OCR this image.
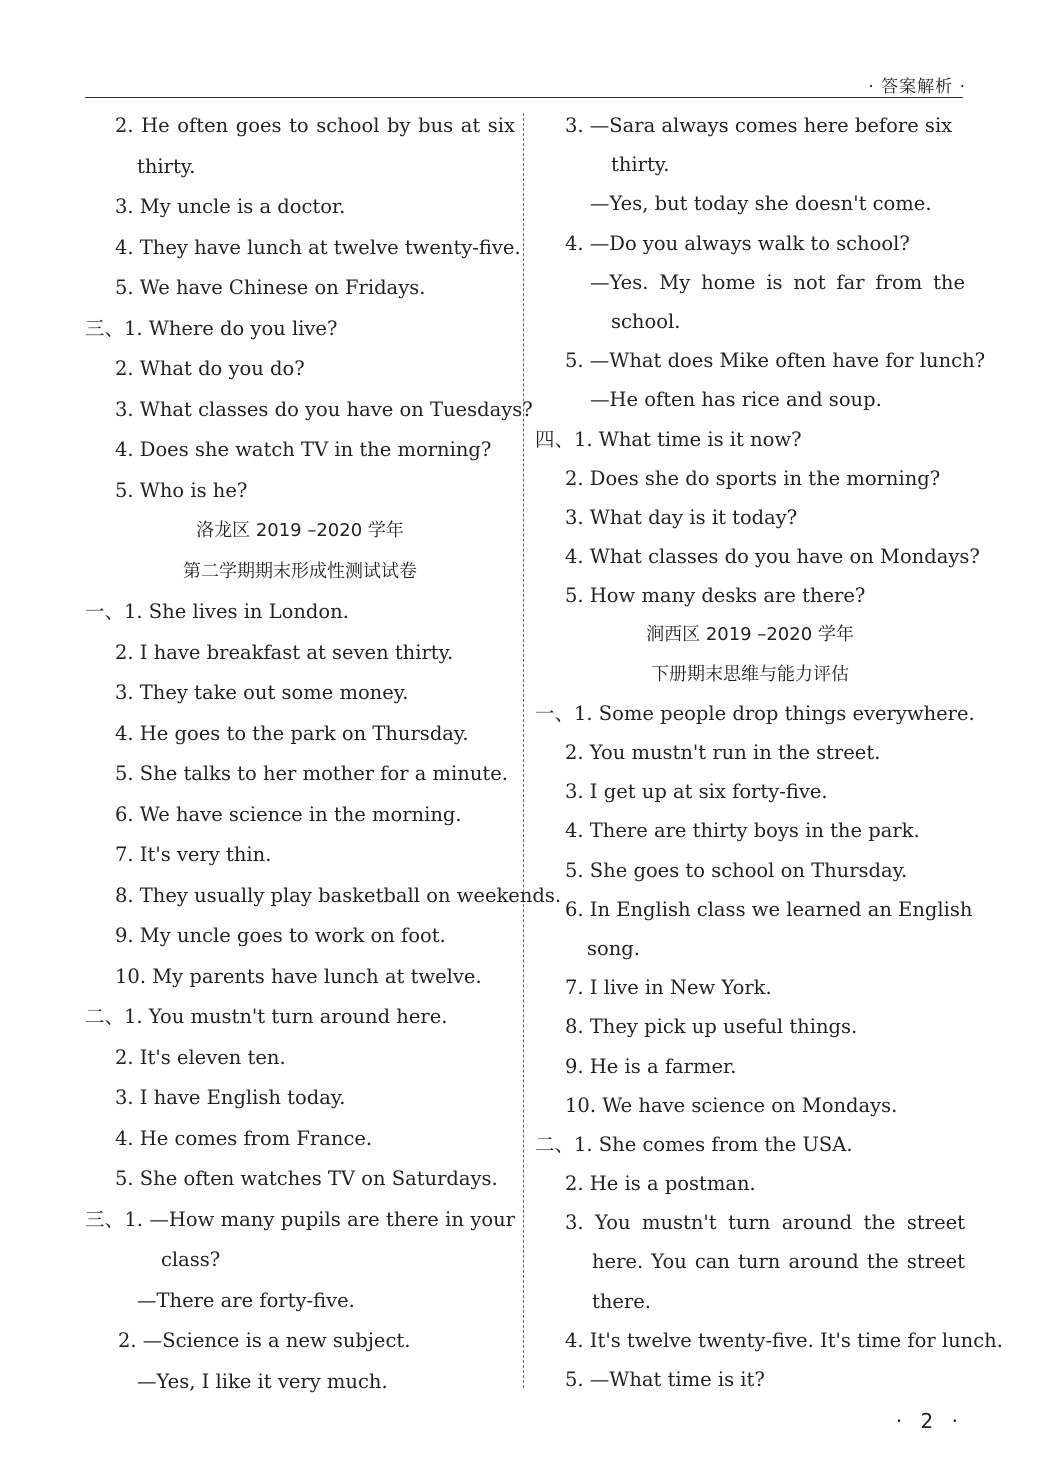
· 答案解析 ·
2. He often goes to school by bus at six
thirty.
3. My uncle is a doctor.
4. They have lunch at twelve twenty-five.
5. We have Chinese on Fridays.
三、1. Where do you live?
2. What do you do?
3. What classes do you have on Tuesdays?
4. Does she watch TV in the morning?
5. Who is he?
洛龙区 2019 –2020 学年
第二学期期末形成性测试试卷
一、1. She lives in London.
2. I have breakfast at seven thirty.
3. They take out some money.
4. He goes to the park on Thursday.
5. She talks to her mother for a minute.
6. We have science in the morning.
7. It's very thin.
8. They usually play basketball on weekends.
9. My uncle goes to work on foot.
10. My parents have lunch at twelve.
二、1. You mustn't turn around here.
2. It's eleven ten.
3. I have English today.
4. He comes from France.
5. She often watches TV on Saturdays.
三、1. —How many pupils are there in your
class?
—There are forty-five.
2. —Science is a new subject.
—Yes, I like it very much.
3. —Sara always comes here before six
thirty.
—Yes, but today she doesn't come.
4. —Do you always walk to school?
—Yes. My home is not far from the
school.
5. —What does Mike often have for lunch?
—He often has rice and soup.
四、1. What time is it now?
2. Does she do sports in the morning?
3. What day is it today?
4. What classes do you have on Mondays?
5. How many desks are there?
涧西区 2019 –2020 学年
下册期末思维与能力评估
一、1. Some people drop things everywhere.
2. You mustn't run in the street.
3. I get up at six forty-five.
4. There are thirty boys in the park.
5. She goes to school on Thursday.
6. In English class we learned an English
song.
7. I live in New York.
8. They pick up useful things.
9. He is a farmer.
10. We have science on Mondays.
二、1. She comes from the USA.
2. He is a postman.
3. You mustn't turn around the street
here. You can turn around the street
there.
4. It's twelve twenty-five. It's time for lunch.
5. —What time is it?
· 2 ·
